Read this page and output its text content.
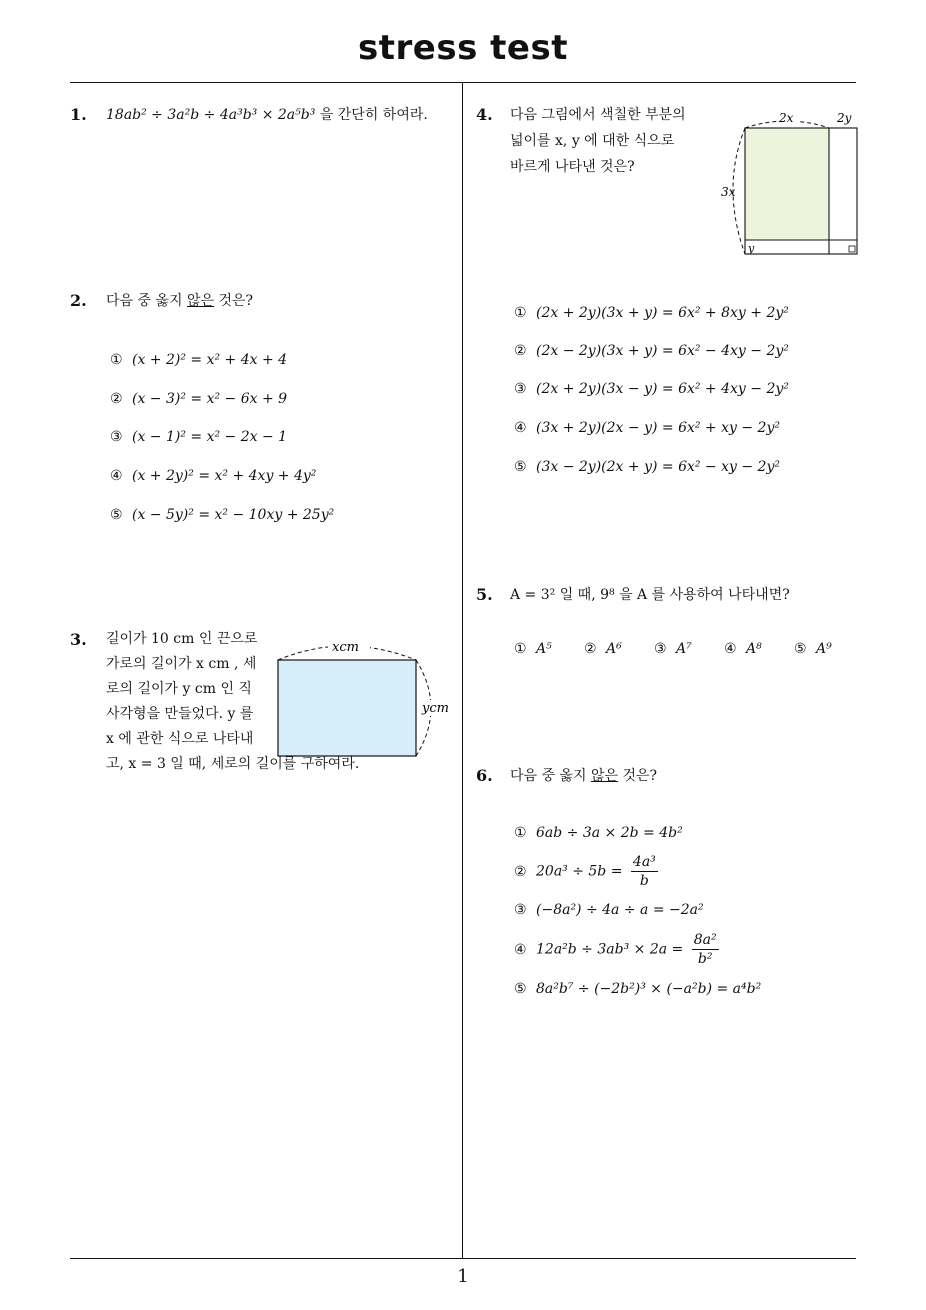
stress test
1
1. 18ab² ÷ 3a²b ÷ 4a³b³ × 2a⁵b³ 을 간단히 하여라.
2. 다음 중 옳지 않은 것은?
① (x + 2)² = x² + 4x + 4
② (x − 3)² = x² − 6x + 9
③ (x − 1)² = x² − 2x − 1
④ (x + 2y)² = x² + 4xy + 4y²
⑤ (x − 5y)² = x² − 10xy + 25y²
3. 길이가 10 cm 인 끈으로
가로의 길이가 x cm , 세
로의 길이가 y cm 인 직
사각형을 만들었다. y 를
x 에 관한 식으로 나타내
고, x = 3 일 때, 세로의 길이를 구하여라.
xcm
ycm
4. 다음 그림에서 색칠한 부분의
넓이를 x, y 에 대한 식으로
바르게 나타낸 것은?
2x	2y
3x
y
① (2x + 2y)(3x + y) = 6x² + 8xy + 2y²
② (2x − 2y)(3x + y) = 6x² − 4xy − 2y²
③ (2x + 2y)(3x − y) = 6x² + 4xy − 2y²
④ (3x + 2y)(2x − y) = 6x² + xy − 2y²
⑤ (3x − 2y)(2x + y) = 6x² − xy − 2y²
5. A = 3² 일 때, 9⁸ 을 A 를 사용하여 나타내면?
① A⁵ ② A⁶ ③ A⁷ ④ A⁸ ⑤ A⁹
6. 다음 중 옳지 않은 것은?
① 6ab ÷ 3a × 2b = 4b²
② $20a^3 \div 5b = \frac{\text{4a³}}{b}$
③ (−8a²) ÷ 4a ÷ a = −2a²
④ $12a^2b \div 3ab^3 \times 2a = \frac{\text{8a²}}{\text{b²}}$
⑤ 8a²b⁷ ÷ (−2b²)³ × (−a²b) = a⁴b²
